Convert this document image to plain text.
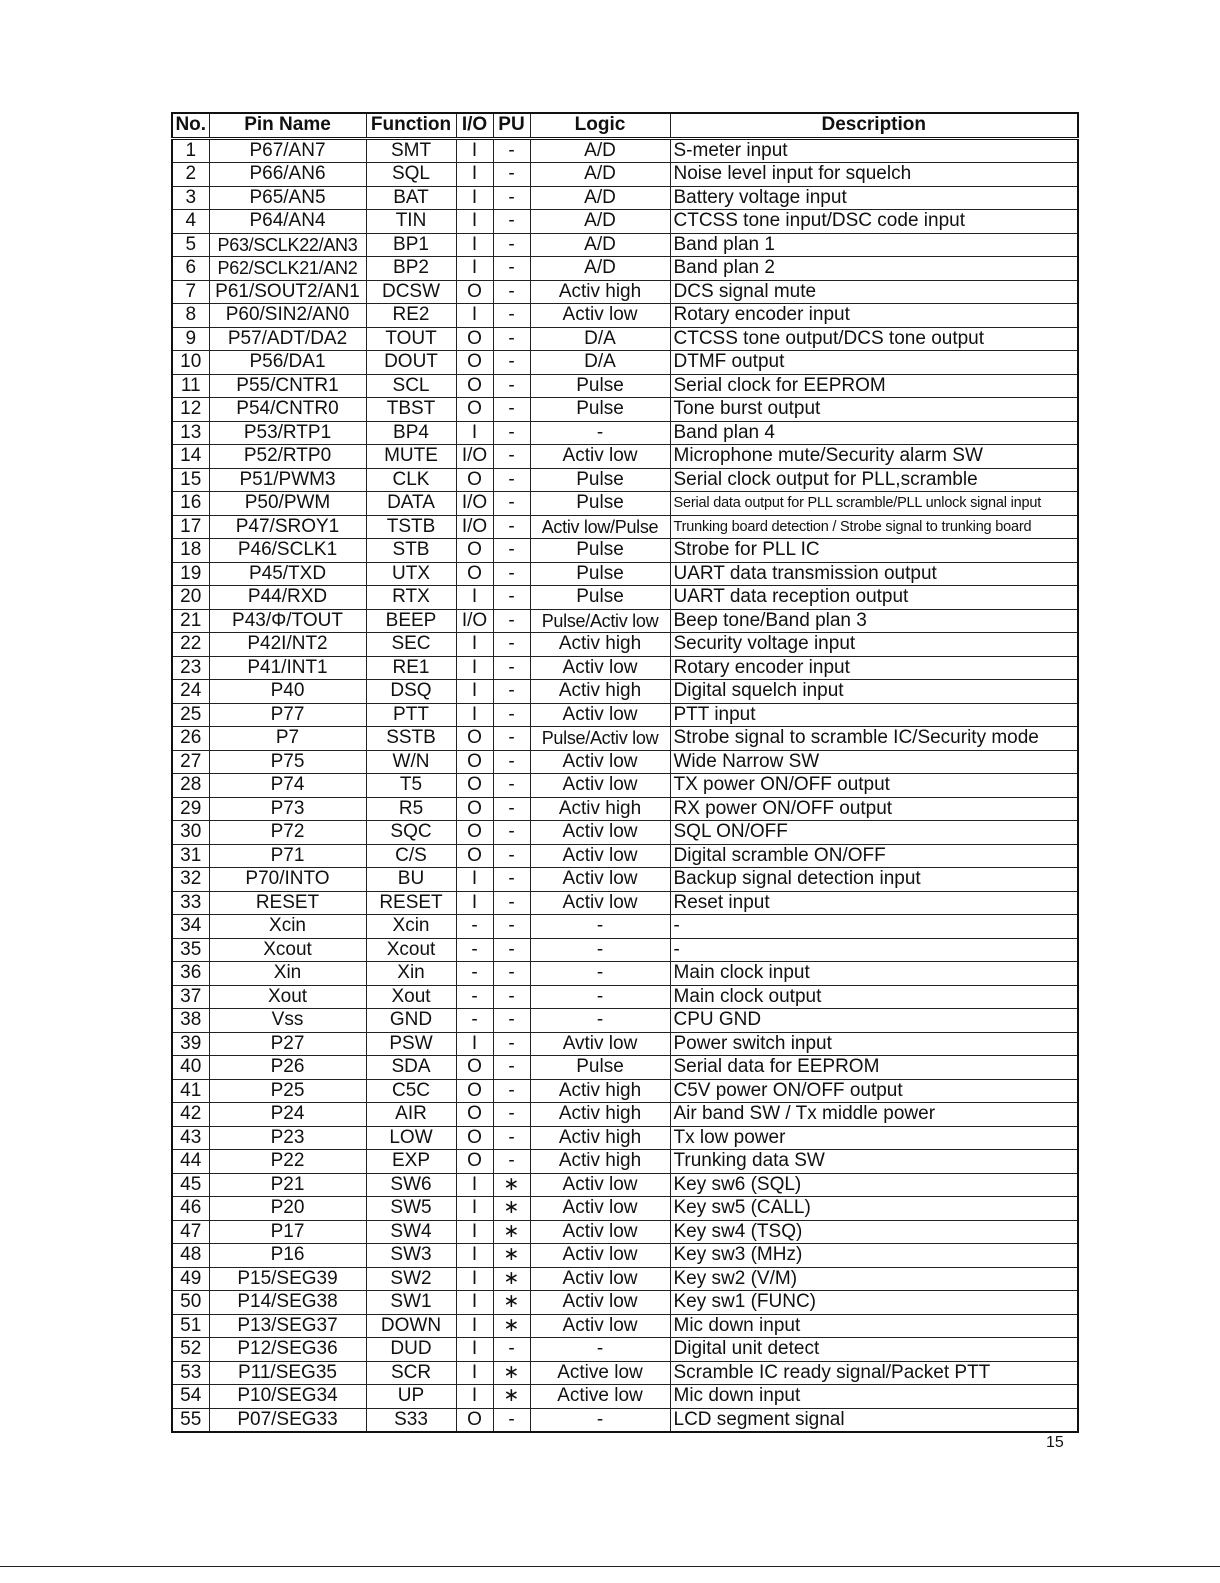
No.	Pin Name	Function	I/O	PU	Logic	Description
1	P67/AN7	SMT	I	-	A/D	S-meter input
2	P66/AN6	SQL	I	-	A/D	Noise level input for squelch
3	P65/AN5	BAT	I	-	A/D	Battery voltage input
4	P64/AN4	TIN	I	-	A/D	CTCSS tone input/DSC code input
5	P63/SCLK22/AN3	BP1	I	-	A/D	Band plan 1
6	P62/SCLK21/AN2	BP2	I	-	A/D	Band plan 2
7	P61/SOUT2/AN1	DCSW	O	-	Activ high	DCS signal mute
8	P60/SIN2/AN0	RE2	I	-	Activ low	Rotary encoder input
9	P57/ADT/DA2	TOUT	O	-	D/A	CTCSS tone output/DCS tone output
10	P56/DA1	DOUT	O	-	D/A	DTMF output
11	P55/CNTR1	SCL	O	-	Pulse	Serial clock for EEPROM
12	P54/CNTR0	TBST	O	-	Pulse	Tone burst output
13	P53/RTP1	BP4	I	-	-	Band plan 4
14	P52/RTP0	MUTE	I/O	-	Activ low	Microphone mute/Security alarm SW
15	P51/PWM3	CLK	O	-	Pulse	Serial clock output for PLL,scramble
16	P50/PWM	DATA	I/O	-	Pulse	Serial data output for PLL scramble/PLL unlock signal input
17	P47/SROY1	TSTB	I/O	-	Activ low/Pulse	Trunking board detection / Strobe signal to trunking board
18	P46/SCLK1	STB	O	-	Pulse	Strobe for PLL IC
19	P45/TXD	UTX	O	-	Pulse	UART data transmission output
20	P44/RXD	RTX	I	-	Pulse	UART data reception output
21	P43/Φ/TOUT	BEEP	I/O	-	Pulse/Activ low	Beep tone/Band plan 3
22	P42I/NT2	SEC	I	-	Activ high	Security voltage input
23	P41/INT1	RE1	I	-	Activ low	Rotary encoder input
24	P40	DSQ	I	-	Activ high	Digital squelch input
25	P77	PTT	I	-	Activ low	PTT input
26	P7	SSTB	O	-	Pulse/Activ low	Strobe signal to scramble IC/Security mode
27	P75	W/N	O	-	Activ low	Wide Narrow SW
28	P74	T5	O	-	Activ low	TX power ON/OFF output
29	P73	R5	O	-	Activ high	RX power ON/OFF output
30	P72	SQC	O	-	Activ low	SQL ON/OFF
31	P71	C/S	O	-	Activ low	Digital scramble ON/OFF
32	P70/INTO	BU	I	-	Activ low	Backup signal detection input
33	RESET	RESET	I	-	Activ low	Reset input
34	Xcin	Xcin	-	-	-	-
35	Xcout	Xcout	-	-	-	-
36	Xin	Xin	-	-	-	Main clock input
37	Xout	Xout	-	-	-	Main clock output
38	Vss	GND	-	-	-	CPU GND
39	P27	PSW	I	-	Avtiv low	Power switch input
40	P26	SDA	O	-	Pulse	Serial data for EEPROM
41	P25	C5C	O	-	Activ high	C5V power ON/OFF output
42	P24	AIR	O	-	Activ high	Air band SW / Tx middle power
43	P23	LOW	O	-	Activ high	Tx low power
44	P22	EXP	O	-	Activ high	Trunking data SW
45	P21	SW6	I	∗	Activ low	Key sw6 (SQL)
46	P20	SW5	I	∗	Activ low	Key sw5 (CALL)
47	P17	SW4	I	∗	Activ low	Key sw4 (TSQ)
48	P16	SW3	I	∗	Activ low	Key sw3 (MHz)
49	P15/SEG39	SW2	I	∗	Activ low	Key sw2 (V/M)
50	P14/SEG38	SW1	I	∗	Activ low	Key sw1 (FUNC)
51	P13/SEG37	DOWN	I	∗	Activ low	Mic down input
52	P12/SEG36	DUD	I	-	-	Digital unit detect
53	P11/SEG35	SCR	I	∗	Active low	Scramble IC ready signal/Packet PTT
54	P10/SEG34	UP	I	∗	Active low	Mic down input
55	P07/SEG33	S33	O	-	-	LCD segment signal
15
